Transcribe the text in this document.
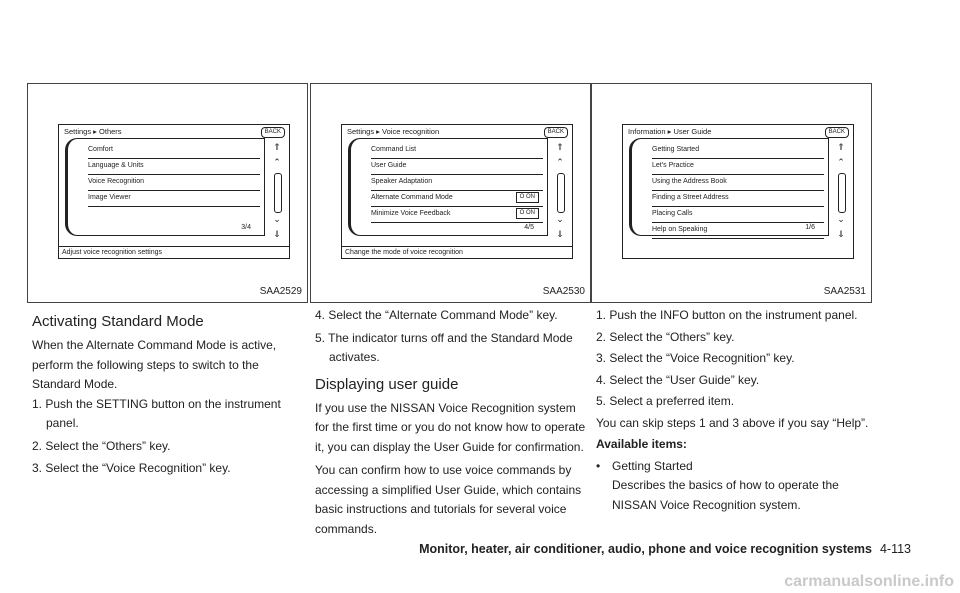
Settings ▸ Others	BACK
Comfort
Language & Units
Voice Recognition
Image Viewer
⇑
⌃
⌄
⇓
3/4
Adjust voice recognition settings
SAA2529
Settings ▸ Voice recognition	BACK
Command List
User Guide
Speaker Adaptation
Alternate Command Mode	O ON
Minimize Voice Feedback	O ON
⇑
⌃
⌄
⇓
4/5
Change the mode of voice recognition
SAA2530
Information ▸ User Guide	BACK
Getting Started
Let’s Practice
Using the Address Book
Finding a Street Address
Placing Calls
Help on Speaking
⇑
⌃
⌄
⇓
1/6
SAA2531
Activating Standard Mode

When the Alternate Command Mode is active, perform the following steps to switch to the Standard Mode.

1. Push the SETTING button on the instrument panel.

2. Select the “Others” key.

3. Select the “Voice Recognition” key.

4. Select the “Alternate Command Mode” key.

5. The indicator turns off and the Standard Mode activates.

Displaying user guide

If you use the NISSAN Voice Recognition system for the first time or you do not know how to operate it, you can display the User Guide for confirmation.

You can confirm how to use voice commands by accessing a simplified User Guide, which contains basic instructions and tutorials for several voice commands.

1. Push the INFO button on the instrument panel.

2. Select the “Others” key.

3. Select the “Voice Recognition” key.

4. Select the “User Guide” key.

5. Select a preferred item.

You can skip steps 1 and 3 above if you say “Help”.

Available items:

• Getting Started

Describes the basics of how to operate the NISSAN Voice Recognition system.

Monitor, heater, air conditioner, audio, phone and voice recognition systems 4-113
carmanualsonline.info
